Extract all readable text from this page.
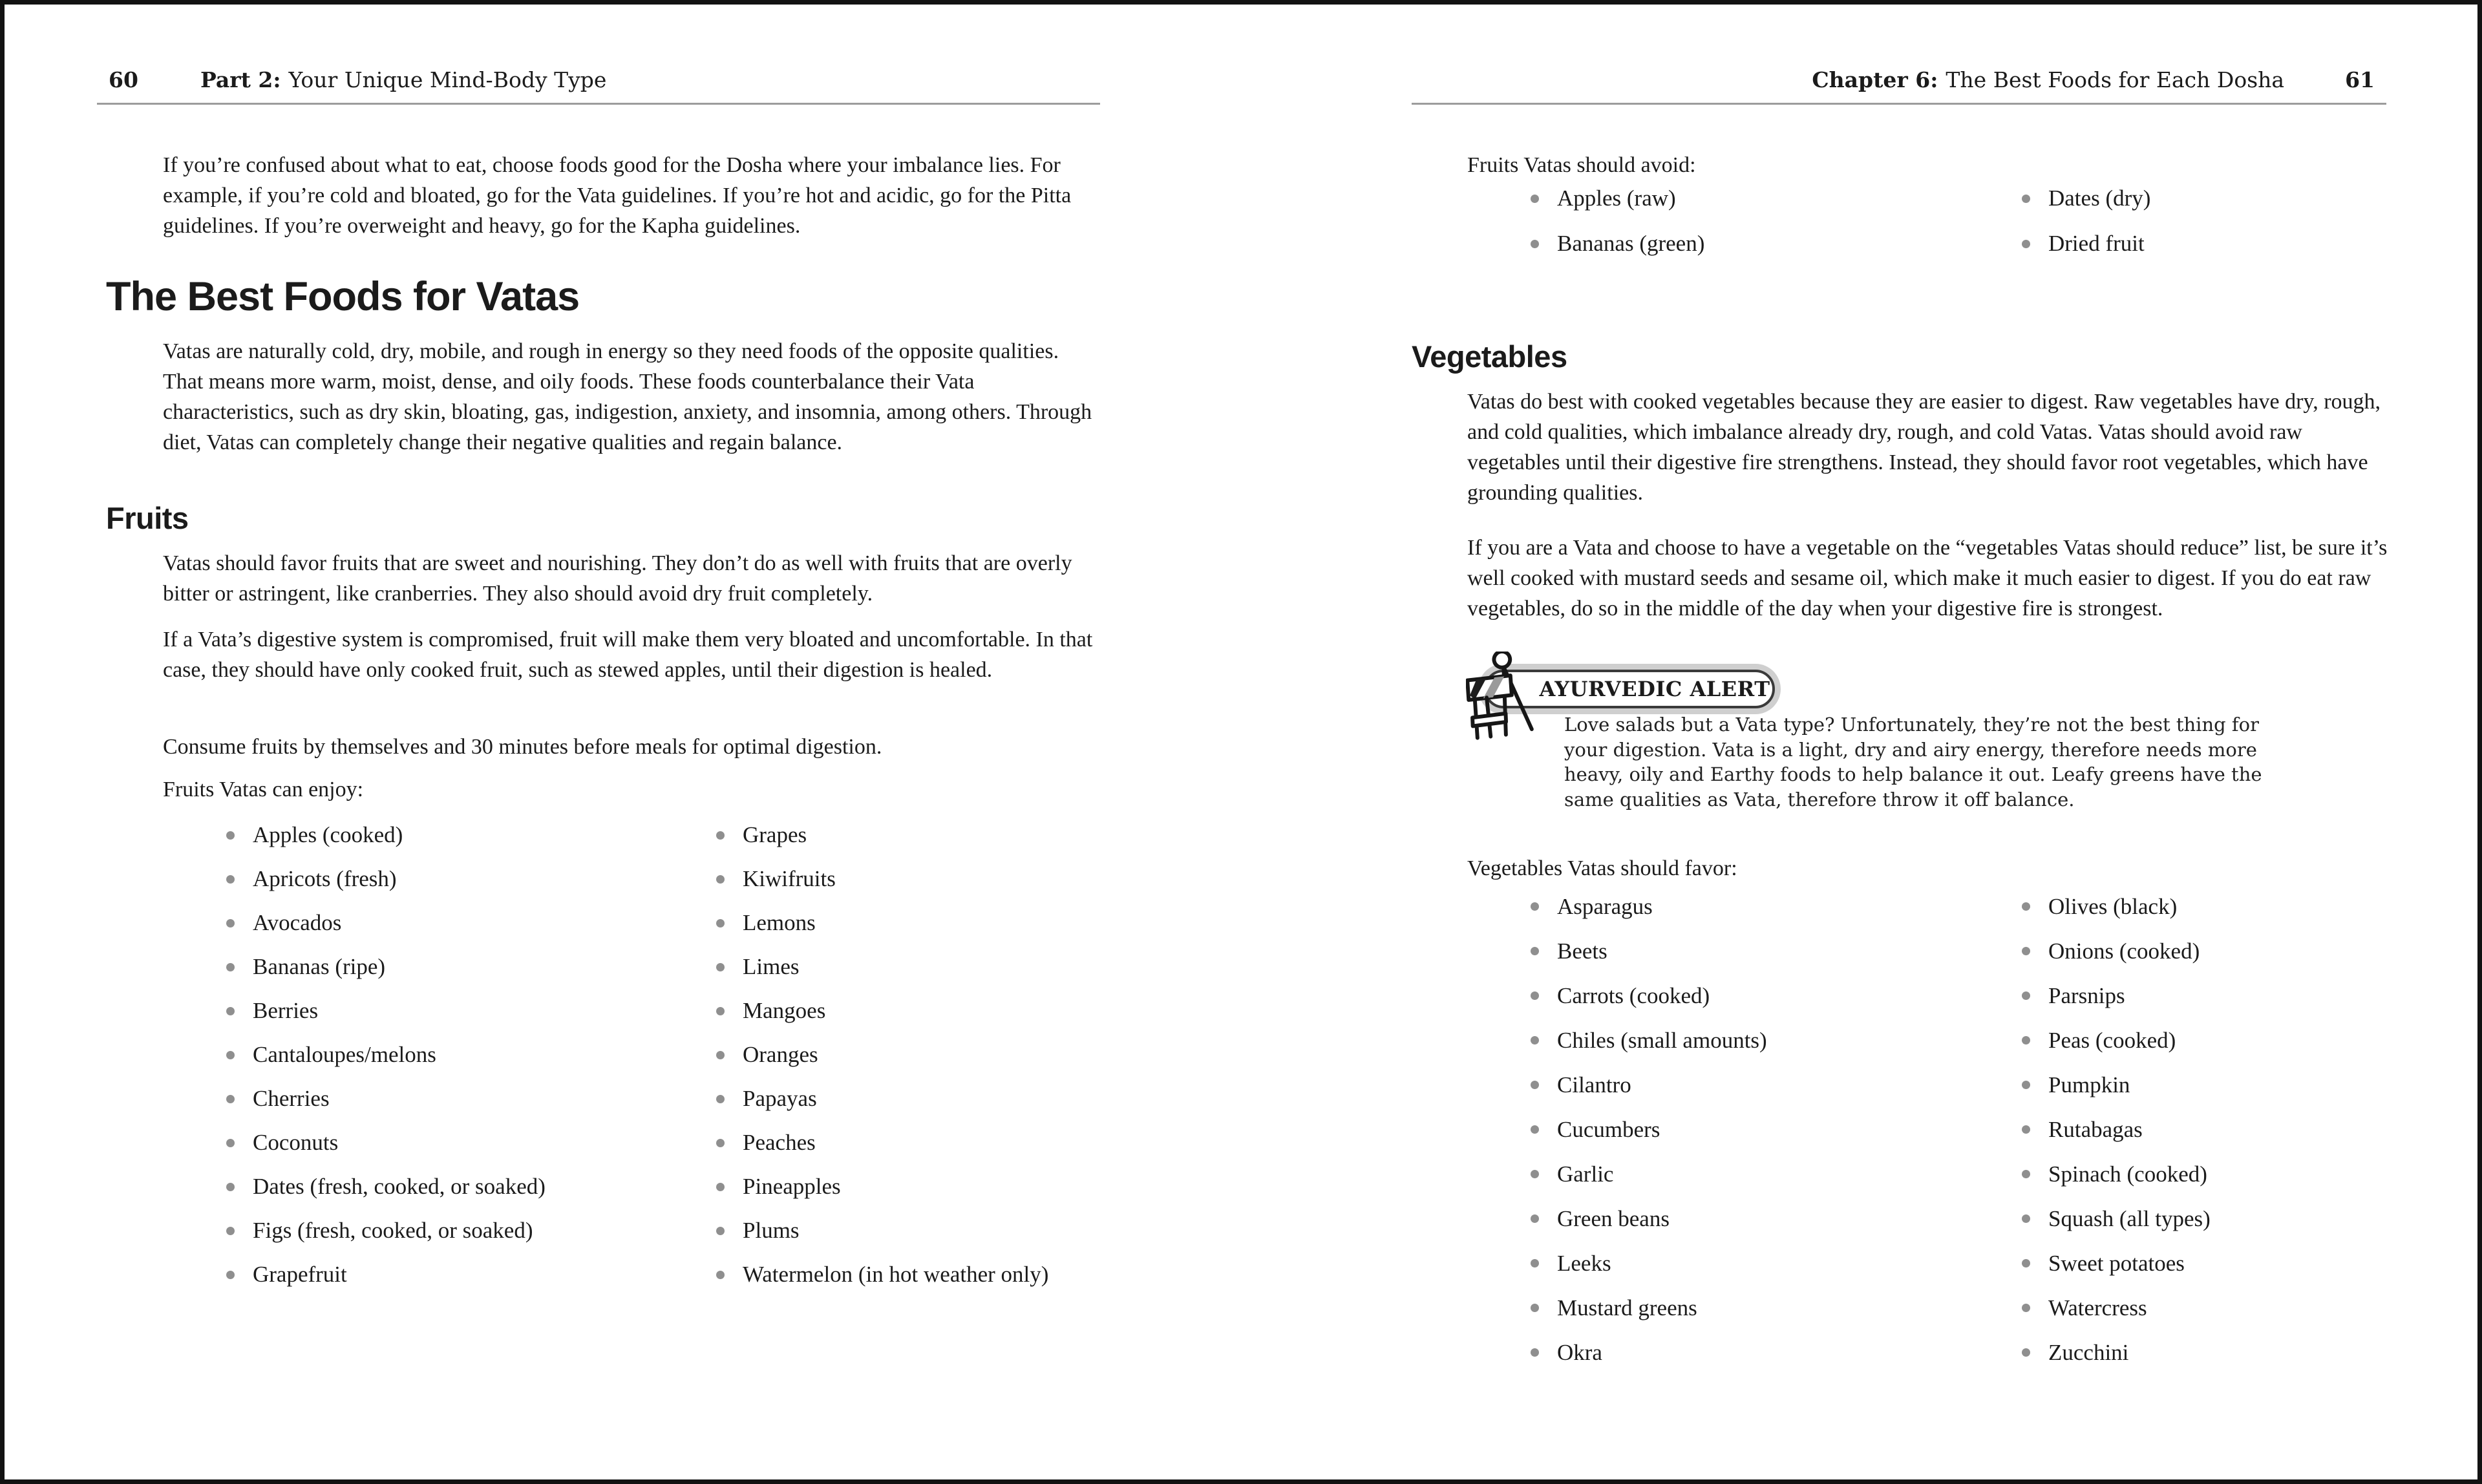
60	Part 2: Your Unique Mind-Body Type

If you’re confused about what to eat, choose foods good for the Dosha where your imbalance lies. For example, if you’re cold and bloated, go for the Vata guidelines. If you’re hot and acidic, go for the Pitta guidelines. If you’re overweight and heavy, go for the Kapha guidelines.

The Best Foods for Vatas

Vatas are naturally cold, dry, mobile, and rough in energy so they need foods of the opposite qualities. That means more warm, moist, dense, and oily foods. These foods counterbalance their Vata characteristics, such as dry skin, bloating, gas, indigestion, anxiety, and insomnia, among others. Through diet, Vatas can completely change their negative qualities and regain balance.

Fruits

Vatas should favor fruits that are sweet and nourishing. They don’t do as well with fruits that are overly bitter or astringent, like cranberries. They also should avoid dry fruit completely.

If a Vata’s digestive system is compromised, fruit will make them very bloated and uncomfortable. In that case, they should have only cooked fruit, such as stewed apples, until their digestion is healed.

Consume fruits by themselves and 30 minutes before meals for optimal digestion.

Fruits Vatas can enjoy:

Apples (cooked)
Apricots (fresh)
Avocados
Bananas (ripe)
Berries
Cantaloupes/melons
Cherries
Coconuts
Dates (fresh, cooked, or soaked)
Figs (fresh, cooked, or soaked)
Grapefruit
Grapes
Kiwifruits
Lemons
Limes
Mangoes
Oranges
Papayas
Peaches
Pineapples
Plums
Watermelon (in hot weather only)
Chapter 6: The Best Foods for Each Dosha	61

Fruits Vatas should avoid:

Apples (raw)
Bananas (green)
Dates (dry)
Dried fruit
Vegetables

Vatas do best with cooked vegetables because they are easier to digest. Raw vegetables have dry, rough, and cold qualities, which imbalance already dry, rough, and cold Vatas. Vatas should avoid raw vegetables until their digestive fire strengthens. Instead, they should favor root vegetables, which have grounding qualities.

If you are a Vata and choose to have a vegetable on the “vegetables Vatas should reduce” list, be sure it’s well cooked with mustard seeds and sesame oil, which make it much easier to digest. If you do eat raw vegetables, do so in the middle of the day when your digestive fire is strongest.

AYURVEDIC ALERT

Love salads but a Vata type? Unfortunately, they’re not the best thing for your digestion. Vata is a light, dry and airy energy, therefore needs more heavy, oily and Earthy foods to help balance it out. Leafy greens have the same qualities as Vata, therefore throw it off balance.

Vegetables Vatas should favor:

Asparagus
Beets
Carrots (cooked)
Chiles (small amounts)
Cilantro
Cucumbers
Garlic
Green beans
Leeks
Mustard greens
Okra
Olives (black)
Onions (cooked)
Parsnips
Peas (cooked)
Pumpkin
Rutabagas
Spinach (cooked)
Squash (all types)
Sweet potatoes
Watercress
Zucchini
